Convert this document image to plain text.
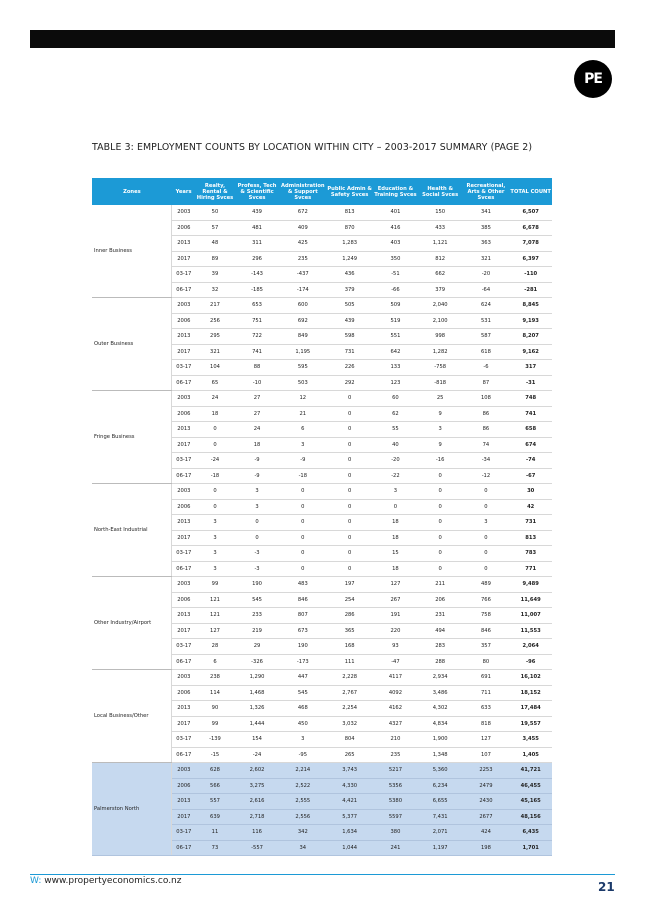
PE
TABLE 3: EMPLOYMENT COUNTS BY LOCATION WITHIN CITY – 2003-2017 SUMMARY (PAGE 2)
Zones	Years	Realty, Rental & Hiring Svces	Profess, Tech & Scientific Svces	Administration & Support Svces	Public Admin & Safety Svces	Education & Training Svces	Health & Social Svces	Recreational, Arts & Other Svces	TOTAL COUNT
Inner Business	2003	50	439	672	813	401	150	341	6,507
	2006	57	481	409	870	416	433	385	6,678
	2013	48	311	425	1,283	403	1,121	363	7,078
	2017	89	296	235	1,249	350	812	321	6,397
	03-17	39	-143	-437	436	-51	662	-20	-110
	06-17	32	-185	-174	379	-66	379	-64	-281
Outer Business	2003	217	653	600	505	509	2,040	624	8,845
	2006	256	751	692	439	519	2,100	531	9,193
	2013	295	722	849	598	551	998	587	8,207
	2017	321	741	1,195	731	642	1,282	618	9,162
	03-17	104	88	595	226	133	-758	-6	317
	06-17	65	-10	503	292	123	-818	87	-31
Fringe Business	2003	24	27	12	0	60	25	108	748
	2006	18	27	21	0	62	9	86	741
	2013	0	24	6	0	55	3	86	658
	2017	0	18	3	0	40	9	74	674
	03-17	-24	-9	-9	0	-20	-16	-34	-74
	06-17	-18	-9	-18	0	-22	0	-12	-67
North-East Industrial	2003	0	3	0	0	3	0	0	30
	2006	0	3	0	0	0	0	0	42
	2013	3	0	0	0	18	0	3	731
	2017	3	0	0	0	18	0	0	813
	03-17	3	-3	0	0	15	0	0	783
	06-17	3	-3	0	0	18	0	0	771
Other Industry/Airport	2003	99	190	483	197	127	211	489	9,489
	2006	121	545	846	254	267	206	766	11,649
	2013	121	233	807	286	191	231	758	11,007
	2017	127	219	673	365	220	494	846	11,553
	03-17	28	29	190	168	93	283	357	2,064
	06-17	6	-326	-173	111	-47	288	80	-96
Local Business/Other	2003	238	1,290	447	2,228	4117	2,934	691	16,102
	2006	114	1,468	545	2,767	4092	3,486	711	18,152
	2013	90	1,326	468	2,254	4162	4,302	633	17,484
	2017	99	1,444	450	3,032	4327	4,834	818	19,557
	03-17	-139	154	3	804	210	1,900	127	3,455
	06-17	-15	-24	-95	265	235	1,348	107	1,405
Palmerston North	2003	628	2,602	2,214	3,743	5217	5,360	2253	41,721
	2006	566	3,275	2,522	4,330	5356	6,234	2479	46,455
	2013	557	2,616	2,555	4,421	5380	6,655	2430	45,165
	2017	639	2,718	2,556	5,377	5597	7,431	2677	48,156
	03-17	11	116	342	1,634	380	2,071	424	6,435
	06-17	73	-557	34	1,044	241	1,197	198	1,701
W: www.propertyeconomics.co.nz	21
